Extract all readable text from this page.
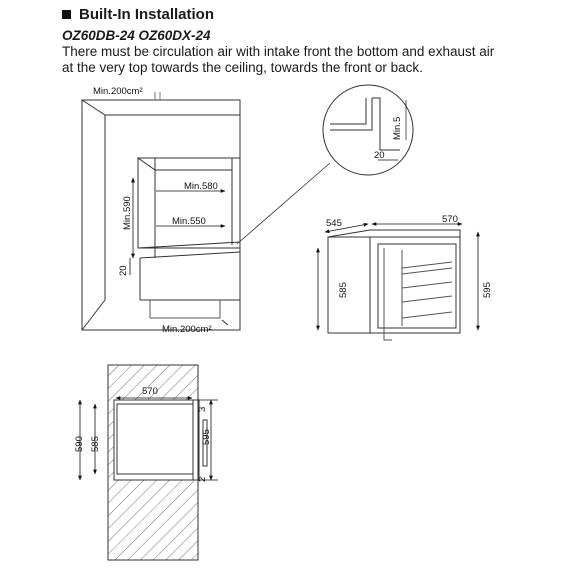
Built-In Installation
OZ60DB-24 OZ60DX-24
There must be circulation air with intake front the bottom and exhaust air
at the very top towards the ceiling, towards the front or back.
Min.200cm²
Min.200cm²
Min.590
Min.580
Min.550
20
Min.5
20
545	570
585	595
570
590 585	595
3
2
